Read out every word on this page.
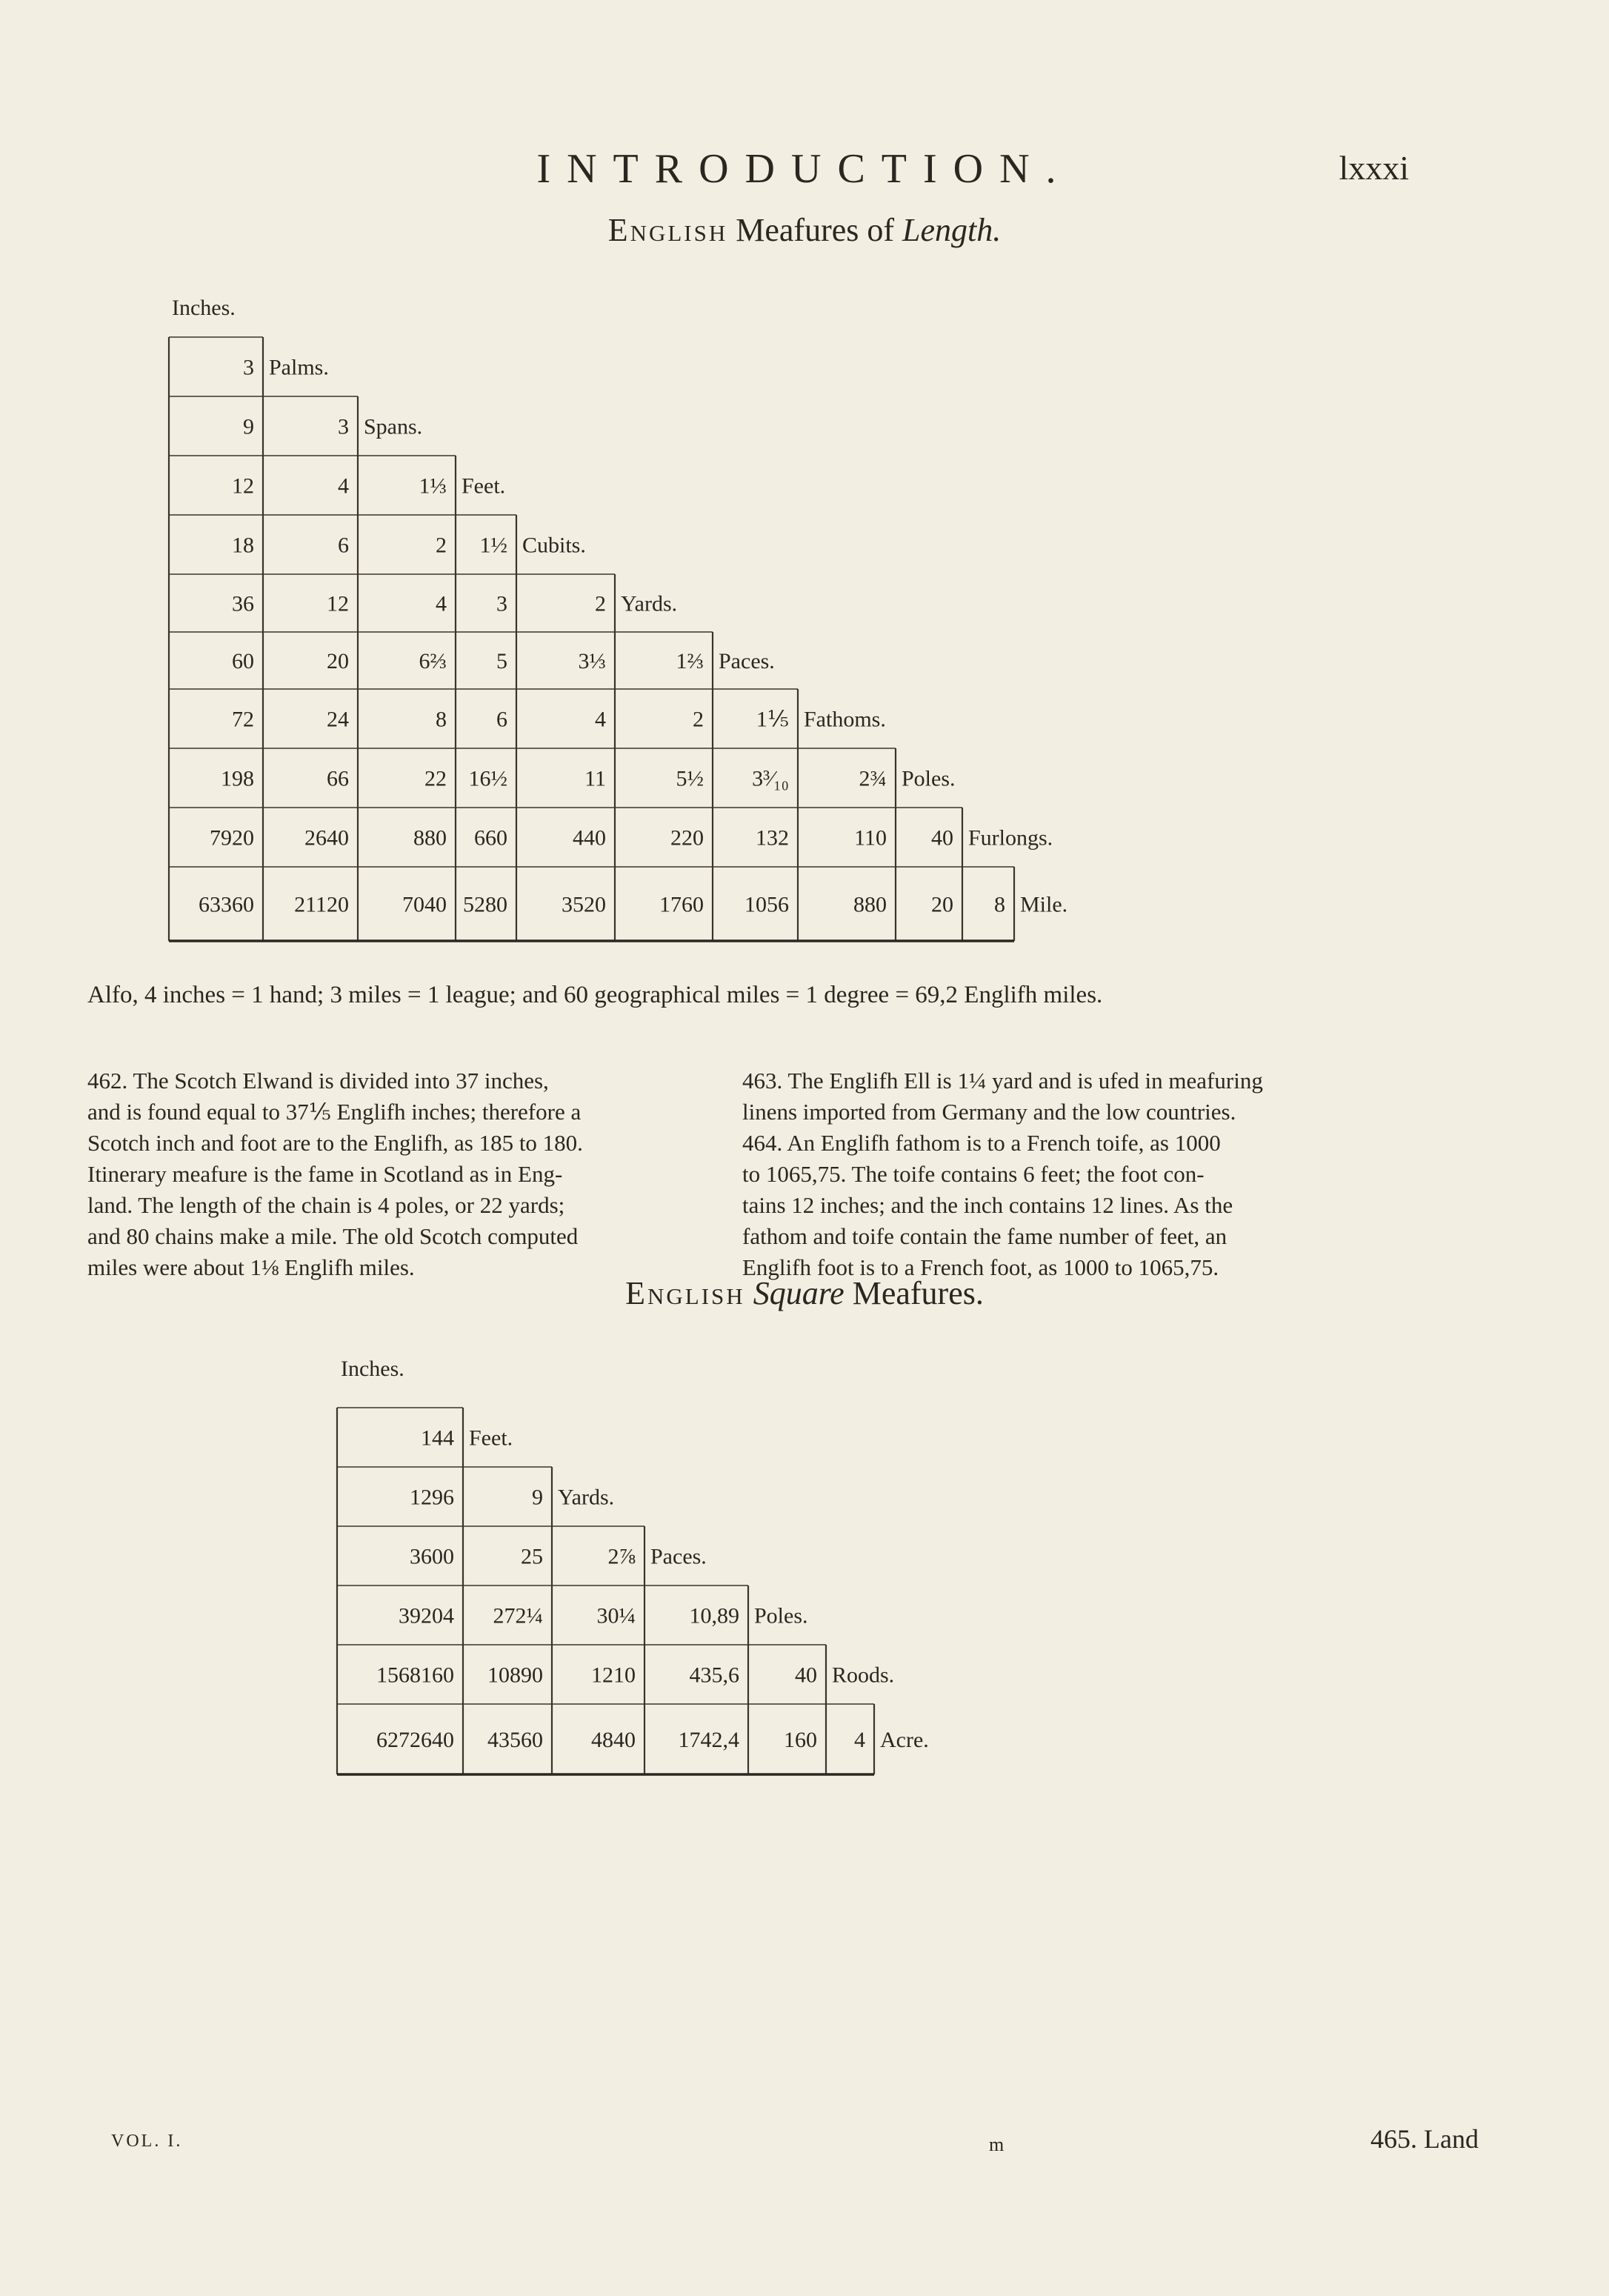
INTRODUCTION.	lxxxi
English Meafures of Length.
Inches.
3 Palms.
9	3 Spans.
12	4	1⅓ Feet.
18	6	2 1½ Cubits.
36	12	4 3	2 Yards.
60	20	6⅔ 5	3⅓	1⅔ Paces.
72	24	8 6	4	2 1⅕ Fathoms.
198	66	22 16½	11	5½ 3³⁄₁₀	2¾ Poles.
7920 2640	880 660	440	220 132	110 40 Furlongs.
63360 21120 7040 5280 3520 1760 1056	880 20 8 Mile.
Inches.
144 Feet.
1296	9 Yards.
3600	25	2⅞ Paces.
39204 272¼ 30¼ 10,89 Poles.
1568160 10890 1210 435,6	40 Roods.
6272640 43560 4840 1742,4 160 4 Acre.
Alfo, 4 inches = 1 hand; 3 miles = 1 league; and 60 geographical miles = 1 degree = 69,2 Englifh miles.

462. The Scotch Elwand is divided into 37 inches,

and is found equal to 37⅕ Englifh inches; therefore a

Scotch inch and foot are to the Englifh, as 185 to 180.

Itinerary meafure is the fame in Scotland as in Eng-

land. The length of the chain is 4 poles, or 22 yards;

and 80 chains make a mile. The old Scotch computed

miles were about 1⅛ Englifh miles.

463. The Englifh Ell is 1¼ yard and is ufed in meafuring

linens imported from Germany and the low countries.

464. An Englifh fathom is to a French toife, as 1000

to 1065,75. The toife contains 6 feet; the foot con-

tains 12 inches; and the inch contains 12 lines. As the

fathom and toife contain the fame number of feet, an

Englifh foot is to a French foot, as 1000 to 1065,75.

English Square Meafures.
VOL. I.	m	465. Land
